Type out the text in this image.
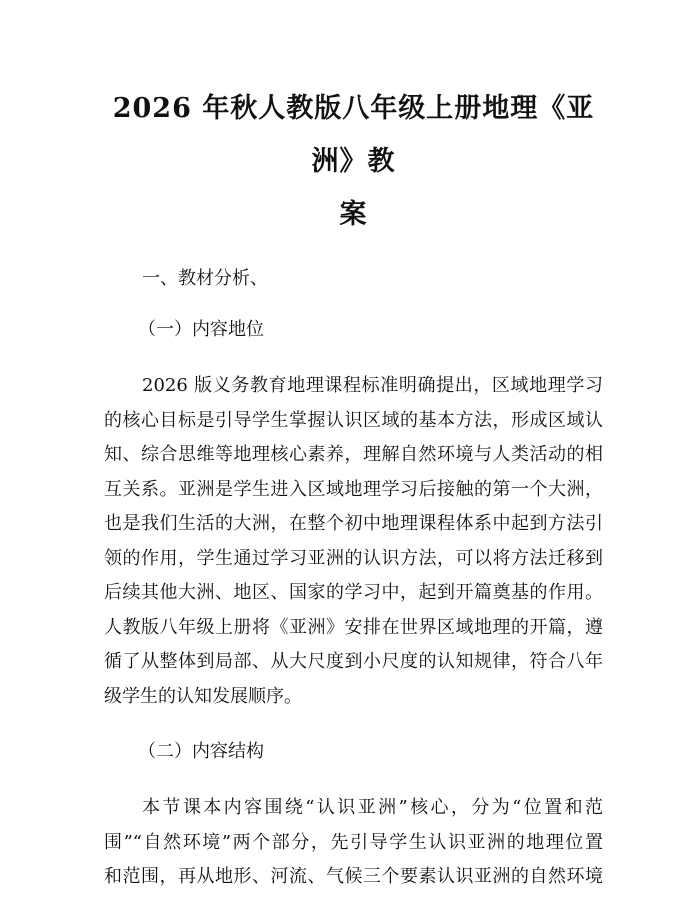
2026 年秋人教版八年级上册地理《亚洲》教
案
一、教材分析、
（一）内容地位
2026 版义务教育地理课程标准明确提出，区域地理学习
的核心目标是引导学生掌握认识区域的基本方法，形成区域认
知、综合思维等地理核心素养，理解自然环境与人类活动的相
互关系。亚洲是学生进入区域地理学习后接触的第一个大洲，
也是我们生活的大洲，在整个初中地理课程体系中起到方法引
领的作用，学生通过学习亚洲的认识方法，可以将方法迁移到
后续其他大洲、地区、国家的学习中，起到开篇奠基的作用。
人教版八年级上册将《亚洲》安排在世界区域地理的开篇，遵
循了从整体到局部、从大尺度到小尺度的认知规律，符合八年
级学生的认知发展顺序。
（二）内容结构
本节课本内容围绕“认识亚洲”核心，分为“位置和范
围”“自然环境”两个部分，先引导学生认识亚洲的地理位置
和范围，再从地形、河流、气候三个要素认识亚洲的自然环境
